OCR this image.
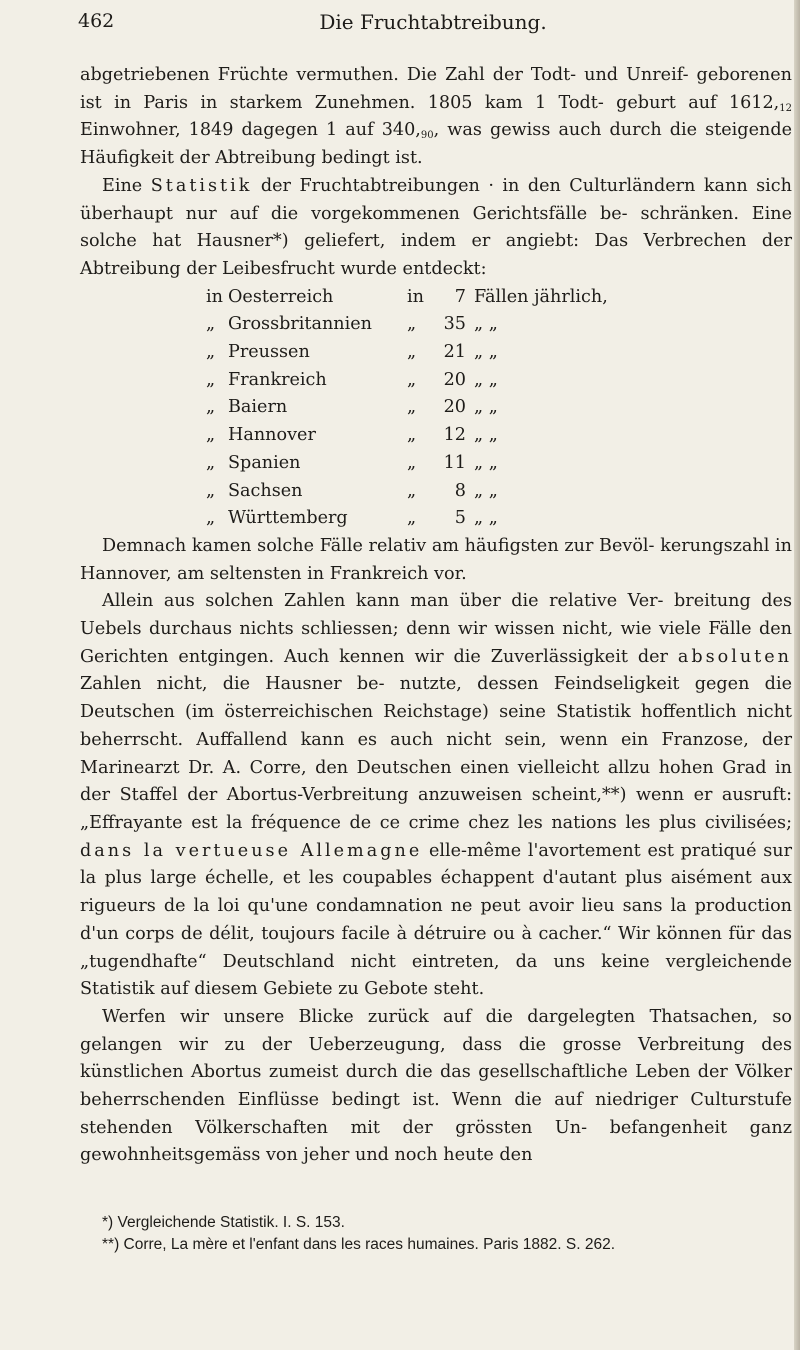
462	Die Fruchtabtreibung.

abgetriebenen Früchte vermuthen. Die Zahl der Todt- und Unreif- geborenen ist in Paris in starkem Zunehmen. 1805 kam 1 Todt- geburt auf $1612,_{12}$ Einwohner, 1849 dagegen 1 auf $340,_{90}$, was gewiss auch durch die steigende Häufigkeit der Abtreibung bedingt ist.

Eine Statistik der Fruchtabtreibungen · in den Culturländern kann sich überhaupt nur auf die vorgekommenen Gerichtsfälle be- schränken. Eine solche hat Hausner*) geliefert, indem er angiebt: Das Verbrechen der Abtreibung der Leibesfrucht wurde entdeckt:

in	Oesterreich	in	7	Fällen jährlich,
„	Grossbritannien	„	35	„ „
„	Preussen	„	21	„ „
„	Frankreich	„	20	„ „
„	Baiern	„	20	„ „
„	Hannover	„	12	„ „
„	Spanien	„	11	„ „
„	Sachsen	„	8	„ „
„	Württemberg	„	5	„ „

Demnach kamen solche Fälle relativ am häufigsten zur Bevöl- kerungszahl in Hannover, am seltensten in Frankreich vor.

Allein aus solchen Zahlen kann man über die relative Ver- breitung des Uebels durchaus nichts schliessen; denn wir wissen nicht, wie viele Fälle den Gerichten entgingen. Auch kennen wir die Zuverlässigkeit der absoluten Zahlen nicht, die Hausner be- nutzte, dessen Feindseligkeit gegen die Deutschen (im österreichischen Reichstage) seine Statistik hoffentlich nicht beherrscht. Auffallend kann es auch nicht sein, wenn ein Franzose, der Marinearzt Dr. A. Corre, den Deutschen einen vielleicht allzu hohen Grad in der Staffel der Abortus-Verbreitung anzuweisen scheint,**) wenn er ausruft: „Effrayante est la fréquence de ce crime chez les nations les plus civilisées; dans la vertueuse Allemagne elle-même l'avortement est pratiqué sur la plus large échelle, et les coupables échappent d'autant plus aisément aux rigueurs de la loi qu'une condamnation ne peut avoir lieu sans la production d'un corps de délit, toujours facile à détruire ou à cacher.“ Wir können für das „tugendhafte“ Deutschland nicht eintreten, da uns keine vergleichende Statistik auf diesem Gebiete zu Gebote steht.

Werfen wir unsere Blicke zurück auf die dargelegten Thatsachen, so gelangen wir zu der Ueberzeugung, dass die grosse Verbreitung des künstlichen Abortus zumeist durch die das gesellschaftliche Leben der Völker beherrschenden Einflüsse bedingt ist. Wenn die auf niedriger Culturstufe stehenden Völkerschaften mit der grössten Un- befangenheit ganz gewohnheitsgemäss von jeher und noch heute den

*) Vergleichende Statistik. I. S. 153.

**) Corre, La mère et l'enfant dans les races humaines. Paris 1882. S. 262.
